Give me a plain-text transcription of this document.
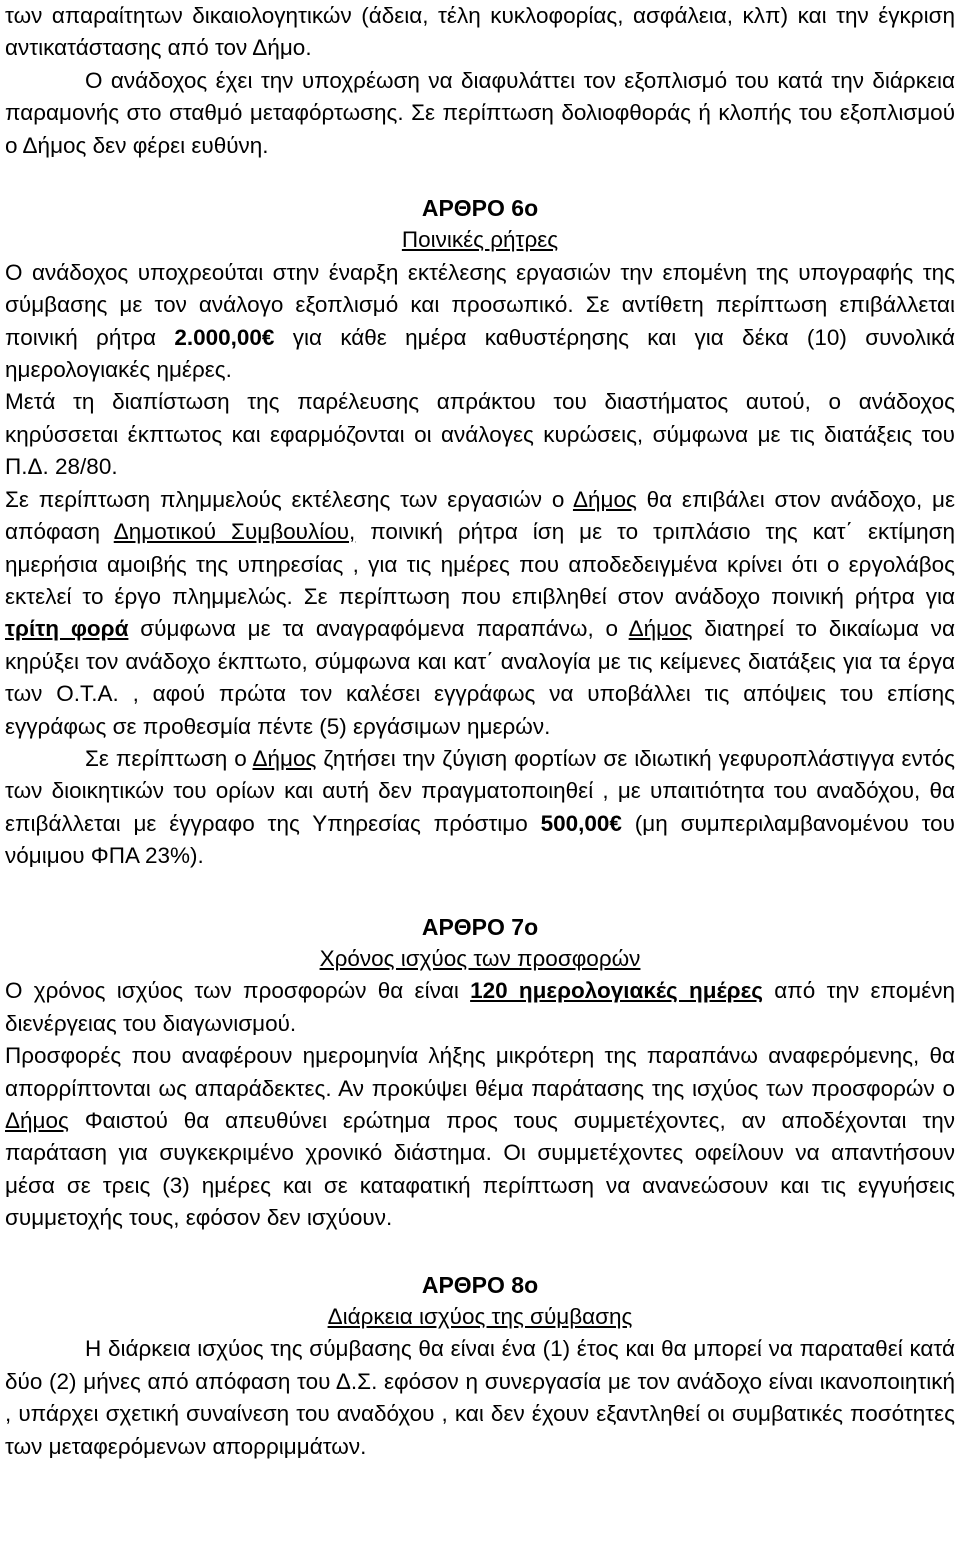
των απαραίτητων δικαιολογητικών (άδεια, τέλη κυκλοφορίας, ασφάλεια, κλπ) και την έγκριση αντικατάστασης από τον Δήμο.

Ο ανάδοχος έχει την υποχρέωση να διαφυλάττει τον εξοπλισμό του κατά την διάρκεια παραμονής στο σταθμό μεταφόρτωσης. Σε περίπτωση δολιοφθοράς ή κλοπής του εξοπλισμού ο Δήμος δεν φέρει ευθύνη.

ΑΡΘΡΟ 6ο
Ποινικές ρήτρες

Ο ανάδοχος υποχρεούται στην έναρξη εκτέλεσης εργασιών την επομένη της υπογραφής της σύμβασης με τον ανάλογο εξοπλισμό και προσωπικό. Σε αντίθετη περίπτωση επιβάλλεται ποινική ρήτρα 2.000,00€ για κάθε ημέρα καθυστέρησης και για δέκα (10) συνολικά ημερολογιακές ημέρες.

Μετά τη διαπίστωση της παρέλευσης απράκτου του διαστήματος αυτού, ο ανάδοχος κηρύσσεται έκπτωτος και εφαρμόζονται οι ανάλογες κυρώσεις, σύμφωνα με τις διατάξεις του Π.Δ. 28/80.

Σε περίπτωση πλημμελούς εκτέλεσης των εργασιών ο Δήμος θα επιβάλει στον ανάδοχο, με απόφαση Δημοτικού Συμβουλίου, ποινική ρήτρα ίση με το τριπλάσιο της κατ΄ εκτίμηση ημερήσια αμοιβής της υπηρεσίας , για τις ημέρες που αποδεδειγμένα κρίνει ότι ο εργολάβος εκτελεί το έργο πλημμελώς. Σε περίπτωση που επιβληθεί στον ανάδοχο ποινική ρήτρα για τρίτη φορά σύμφωνα με τα αναγραφόμενα παραπάνω, ο Δήμος διατηρεί το δικαίωμα να κηρύξει τον ανάδοχο έκπτωτο, σύμφωνα και κατ΄ αναλογία με τις κείμενες διατάξεις για τα έργα των Ο.Τ.Α. , αφού πρώτα τον καλέσει εγγράφως να υποβάλλει τις απόψεις του επίσης εγγράφως σε προθεσμία πέντε (5) εργάσιμων ημερών.

Σε περίπτωση ο Δήμος ζητήσει την ζύγιση φορτίων σε ιδιωτική γεφυροπλάστιγγα εντός των διοικητικών του ορίων και αυτή δεν πραγματοποιηθεί , με υπαιτιότητα του αναδόχου, θα επιβάλλεται με έγγραφο της Υπηρεσίας πρόστιμο 500,00€ (μη συμπεριλαμβανομένου του νόμιμου ΦΠΑ 23%).

ΑΡΘΡΟ 7ο
Χρόνος ισχύος των προσφορών

Ο χρόνος ισχύος των προσφορών θα είναι 120 ημερολογιακές ημέρες από την επομένη διενέργειας του διαγωνισμού.

Προσφορές που αναφέρουν ημερομηνία λήξης μικρότερη της παραπάνω αναφερόμενης, θα απορρίπτονται ως απαράδεκτες. Αν προκύψει θέμα παράτασης της ισχύος των προσφορών ο Δήμος Φαιστού θα απευθύνει ερώτημα προς τους συμμετέχοντες, αν αποδέχονται την παράταση για συγκεκριμένο χρονικό διάστημα. Οι συμμετέχοντες οφείλουν να απαντήσουν μέσα σε τρεις (3) ημέρες και σε καταφατική περίπτωση να ανανεώσουν και τις εγγυήσεις συμμετοχής τους, εφόσον δεν ισχύουν.

ΑΡΘΡΟ 8ο
Διάρκεια ισχύος της σύμβασης

Η διάρκεια ισχύος της σύμβασης θα είναι ένα (1) έτος και θα μπορεί να παραταθεί κατά δύο (2) μήνες από απόφαση του Δ.Σ. εφόσον η συνεργασία με τον ανάδοχο είναι ικανοποιητική , υπάρχει σχετική συναίνεση του αναδόχου , και δεν έχουν εξαντληθεί οι συμβατικές ποσότητες των μεταφερόμενων απορριμμάτων.
